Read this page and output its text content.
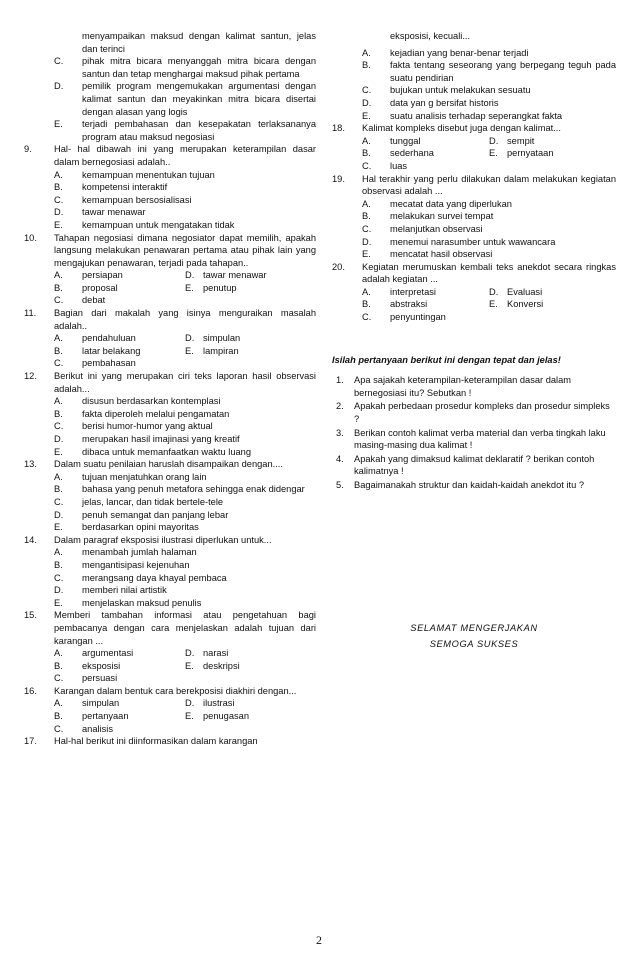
menyampaikan maksud dengan kalimat santun, jelas dan terinci
C.	pihak mitra bicara menyanggah mitra bicara dengan santun dan tetap menghargai maksud pihak pertama
D.	pemilik program mengemukakan argumentasi dengan kalimat santun dan meyakinkan mitra bicara disertai dengan alasan yang logis
E.	terjadi pembahasan dan kesepakatan terlaksananya program atau maksud negosiasi
9.	Hal- hal dibawah ini yang merupakan keterampilan dasar dalam bernegosiasi adalah..
A.	kemampuan menentukan tujuan
B.	kompetensi interaktif
C.	kemampuan bersosialisasi
D.	tawar menawar
E.	kemampuan untuk mengatakan tidak
10.	Tahapan negosiasi dimana negosiator dapat memilih, apakah langsung melakukan penawaran pertama atau pihak lain yang mengajukan penawaran, terjadi pada tahapan..
A.	persiapan	D. tawar menawar
B.	proposal	E. penutup
C.	debat
11.	Bagian dari makalah yang isinya menguraikan masalah adalah..
A.	pendahuluan	D. simpulan
B.	latar belakang	E. lampiran
C.	pembahasan
12.	Berikut ini yang merupakan ciri teks laporan hasil observasi adalah...
A.	disusun berdasarkan kontemplasi
B.	fakta diperoleh melalui pengamatan
C.	berisi humor-humor yang aktual
D.	merupakan hasil imajinasi yang kreatif
E.	dibaca untuk memanfaatkan waktu luang
13.	Dalam suatu penilaian haruslah disampaikan dengan....
A.	tujuan menjatuhkan orang lain
B.	bahasa yang penuh metafora sehingga enak didengar
C.	jelas, lancar, dan tidak bertele-tele
D.	penuh semangat dan panjang lebar
E.	berdasarkan opini mayoritas
14.	Dalam paragraf eksposisi ilustrasi diperlukan untuk...
A.	menambah jumlah halaman
B.	mengantisipasi kejenuhan
C.	merangsang daya khayal pembaca
D.	memberi nilai artistik
E.	menjelaskan maksud penulis
15.	Memberi tambahan informasi atau pengetahuan bagi pembacanya dengan cara menjelaskan adalah tujuan dari karangan ...
A.	argumentasi	D. narasi
B.	eksposisi	E. deskripsi
C.	persuasi
16.	Karangan dalam bentuk cara berekposisi diakhiri dengan...
A.	simpulan	D. ilustrasi
B.	pertanyaan	E. penugasan
C.	analisis
17.	Hal-hal berikut ini diinformasikan dalam karangan
eksposisi, kecuali...
A.	kejadian yang benar-benar terjadi
B.	fakta tentang seseorang yang berpegang teguh pada suatu pendirian
C.	bujukan untuk melakukan sesuatu
D.	data yan g bersifat historis
E.	suatu analisis terhadap seperangkat fakta
18.	Kalimat kompleks disebut juga dengan kalimat...
A.	tunggal	D. sempit
B.	sederhana	E. pernyataan
C.	luas
19.	Hal terakhir yang perlu dilakukan dalam melakukan kegiatan observasi adalah ...
A.	mecatat data yang diperlukan
B.	melakukan survei tempat
C.	melanjutkan observasi
D.	menemui narasumber untuk wawancara
E.	mencatat hasil observasi
20.	Kegiatan merumuskan kembali teks anekdot secara ringkas adalah kegiatan ...
A.	interpretasi	D. Evaluasi
B.	abstraksi	E. Konversi
C.	penyuntingan
Isilah pertanyaan berikut ini dengan tepat dan jelas!
1.	Apa sajakah keterampilan-keterampilan dasar dalam bernegosiasi itu? Sebutkan !
2.	Apakah perbedaan prosedur kompleks dan prosedur simpleks ?
3.	Berikan contoh kalimat verba material dan verba tingkah laku masing-masing dua kalimat !
4.	Apakah yang dimaksud kalimat deklaratif ? berikan contoh kalimatnya !
5.	Bagaimanakah struktur dan kaidah-kaidah anekdot itu ?
SELAMAT MENGERJAKAN
SEMOGA SUKSES
2
